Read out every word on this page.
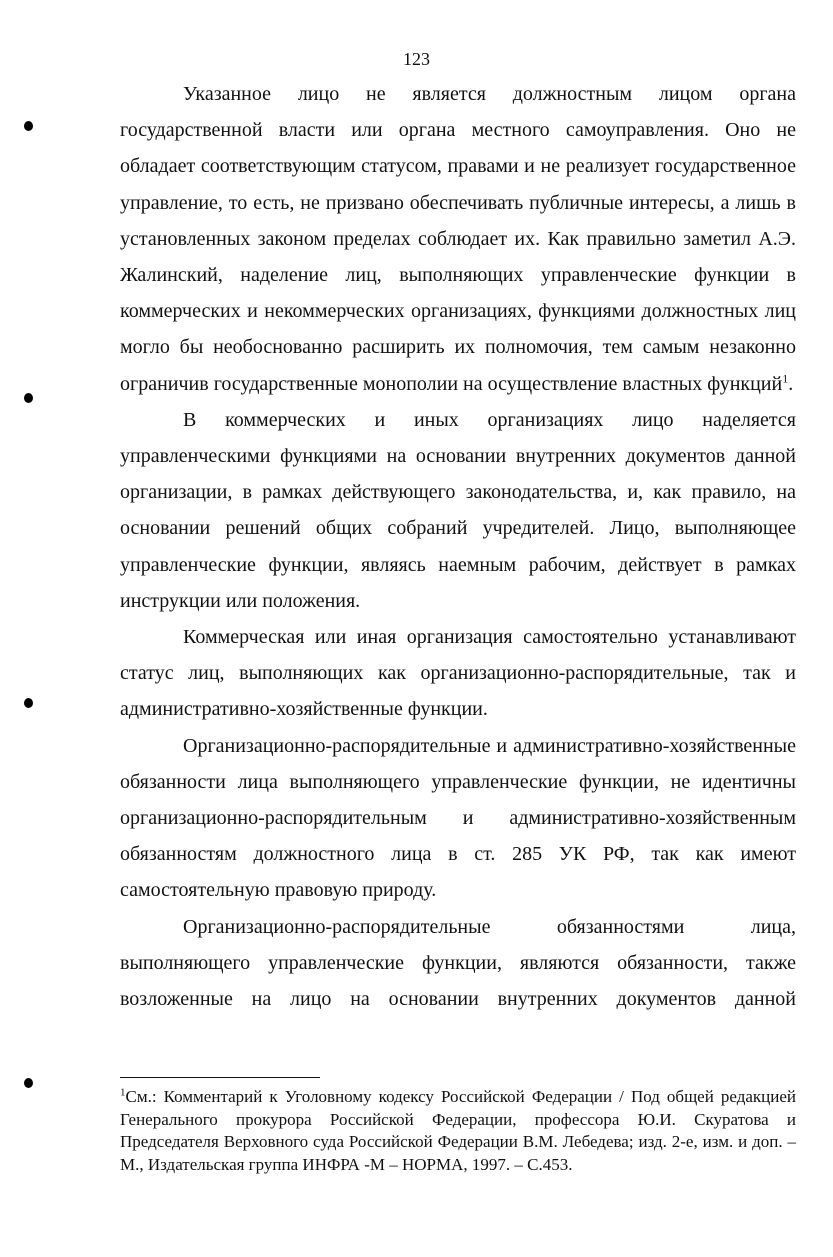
123

Указанное лицо не является должностным лицом органа государственной власти или органа местного самоуправления. Оно не обладает соответствующим статусом, правами и не реализует государственное управление, то есть, не призвано обеспечивать публичные интересы, а лишь в установленных законом пределах соблюдает их. Как правильно заметил А.Э. Жалинский, наделение лиц, выполняющих управленческие функции в коммерческих и некоммерческих организациях, функциями должностных лиц могло бы необоснованно расширить их полномочия, тем самым незаконно ограничив государственные монополии на осуществление властных функций$^1$.

В коммерческих и иных организациях лицо наделяется управленческими функциями на основании внутренних документов данной организации, в рамках действующего законодательства, и, как правило, на основании решений общих собраний учредителей. Лицо, выполняющее управленческие функции, являясь наемным рабочим, действует в рамках инструкции или положения.

Коммерческая или иная организация самостоятельно устанавливают статус лиц, выполняющих как организационно-распорядительные, так и административно-хозяйственные функции.

Организационно-распорядительные и административно-хозяйственные обязанности лица выполняющего управленческие функции, не идентичны организационно-распорядительным и административно-хозяйственным обязанностям должностного лица в ст. 285 УК РФ, так как имеют самостоятельную правовую природу.

Организационно-распорядительные обязанностями лица, выполняющего управленческие функции, являются обязанности, также возложенные на лицо на основании внутренних документов данной

$^1$См.: Комментарий к Уголовному кодексу Российской Федерации / Под общей редакцией Генерального прокурора Российской Федерации, профессора Ю.И. Скуратова и Председателя Верховного суда Российской Федерации В.М. Лебедева; изд. 2-е, изм. и доп. – М., Издательская группа ИНФРА -М – НОРМА, 1997. – С.453.
